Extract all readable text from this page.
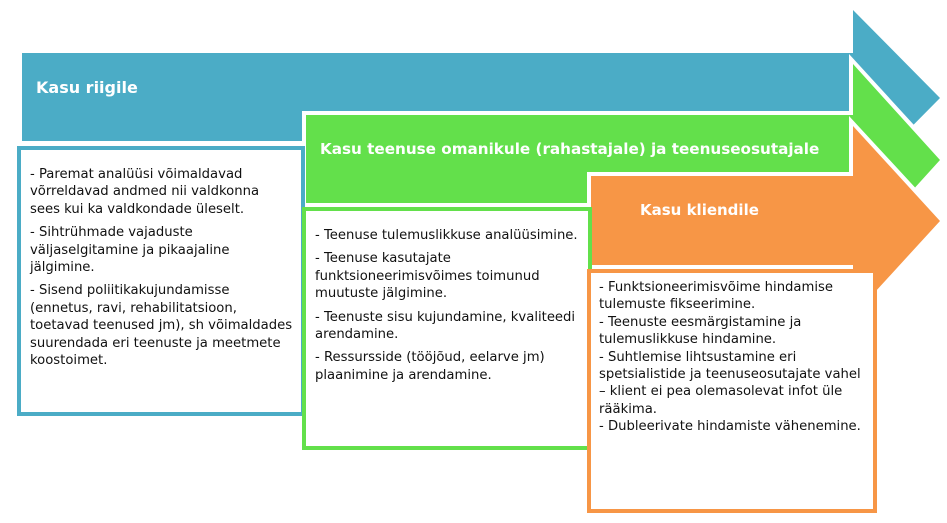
Kasu riigile
Kasu teenuse omanikule (rahastajale) ja teenuseosutajale
Kasu kliendile

- Paremat analüüsi võimaldavad võrreldavad andmed nii valdkonna sees kui ka valdkondade üleselt.

- Sihtrühmade vajaduste väljaselgitamine ja pikaajaline jälgimine.

- Sisend poliitikakujundamisse (ennetus, ravi, rehabilitatsioon, toetavad teenused jm), sh võimaldades suurendada eri teenuste ja meetmete koostoimet.

- Teenuse tulemuslikkuse analüüsimine.

- Teenuse kasutajate funktsioneerimisvõimes toimunud muutuste jälgimine.

- Teenuste sisu kujundamine, kvaliteedi arendamine.

- Ressursside (tööjõud, eelarve jm) plaanimine ja arendamine.

- Funktsioneerimisvõime hindamise tulemuste fikseerimine.

- Teenuste eesmärgistamine ja tulemuslikkuse hindamine.

- Suhtlemise lihtsustamine eri spetsialistide ja teenuseosutajate vahel – klient ei pea olemasolevat infot üle rääkima.

- Dubleerivate hindamiste vähenemine.
